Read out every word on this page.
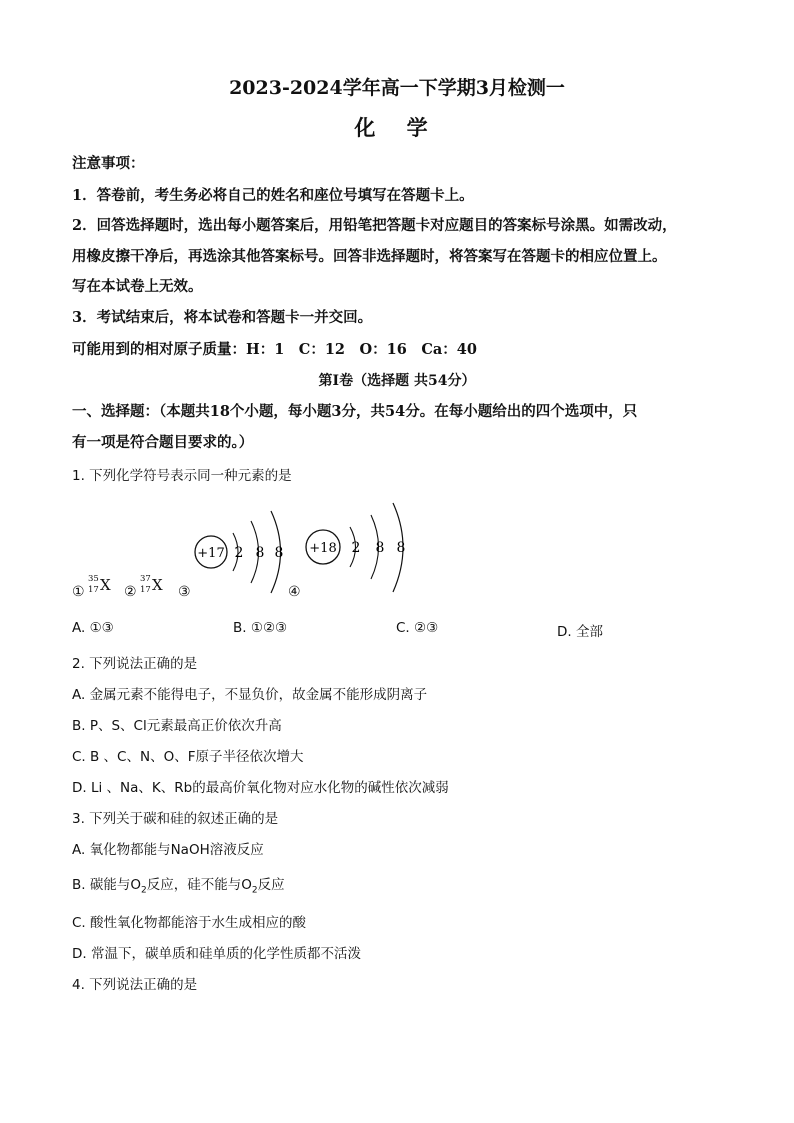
2023-2024学年高一下学期3月检测一
化 学
注意事项：
1．答卷前，考生务必将自己的姓名和座位号填写在答题卡上。
2．回答选择题时，选出每小题答案后，用铅笔把答题卡对应题目的答案标号涂黑。如需改动，
用橡皮擦干净后，再选涂其他答案标号。回答非选择题时，将答案写在答题卡的相应位置上。
写在本试卷上无效。
3．考试结束后，将本试卷和答题卡一并交回。
可能用到的相对原子质量：H：1　C：12　O：16　Ca：40
第Ⅰ卷（选择题 共54分）
一、选择题：（本题共18个小题，每小题3分，共54分。在每小题给出的四个选项中，只
有一项是符合题目要求的。）
1. 下列化学符号表示同一种元素的是
①
35
17 X ②
37
17 X ③
+17 2 8 8
④
+18 2 8 8
A. ①③	B. ①②③	C. ②③	D. 全部
2. 下列说法正确的是
A. 金属元素不能得电子，不显负价，故金属不能形成阴离子
B. P、S、Cl元素最高正价依次升高
C. B 、C、N、O、F原子半径依次增大
D. Li 、Na、K、Rb的最高价氧化物对应水化物的碱性依次减弱
3. 下列关于碳和硅的叙述正确的是
A. 氧化物都能与NaOH溶液反应
B. 碳能与$O_2$反应，硅不能与$O_2$反应
C. 酸性氧化物都能溶于水生成相应的酸
D. 常温下，碳单质和硅单质的化学性质都不活泼
4. 下列说法正确的是
